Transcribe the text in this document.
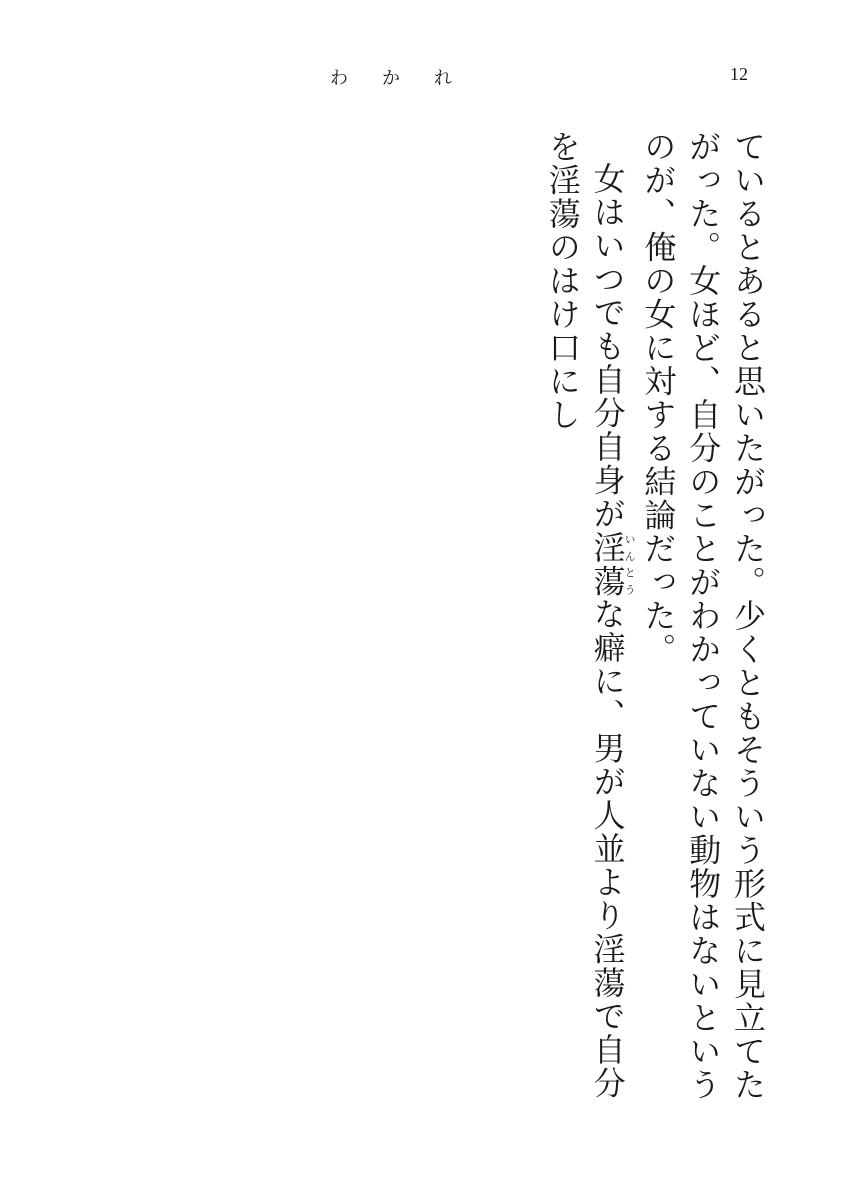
わかれ	12

ているとあると思いたがった。少くともそういう形式に見立てたがった。女ほど、自分のことがわかっていない動物はないというのが、俺の女に対する結論だった。

女はいつでも自分自身が淫蕩いんとうな癖に、男が人並より淫蕩で自分を淫蕩のはけ口にし
